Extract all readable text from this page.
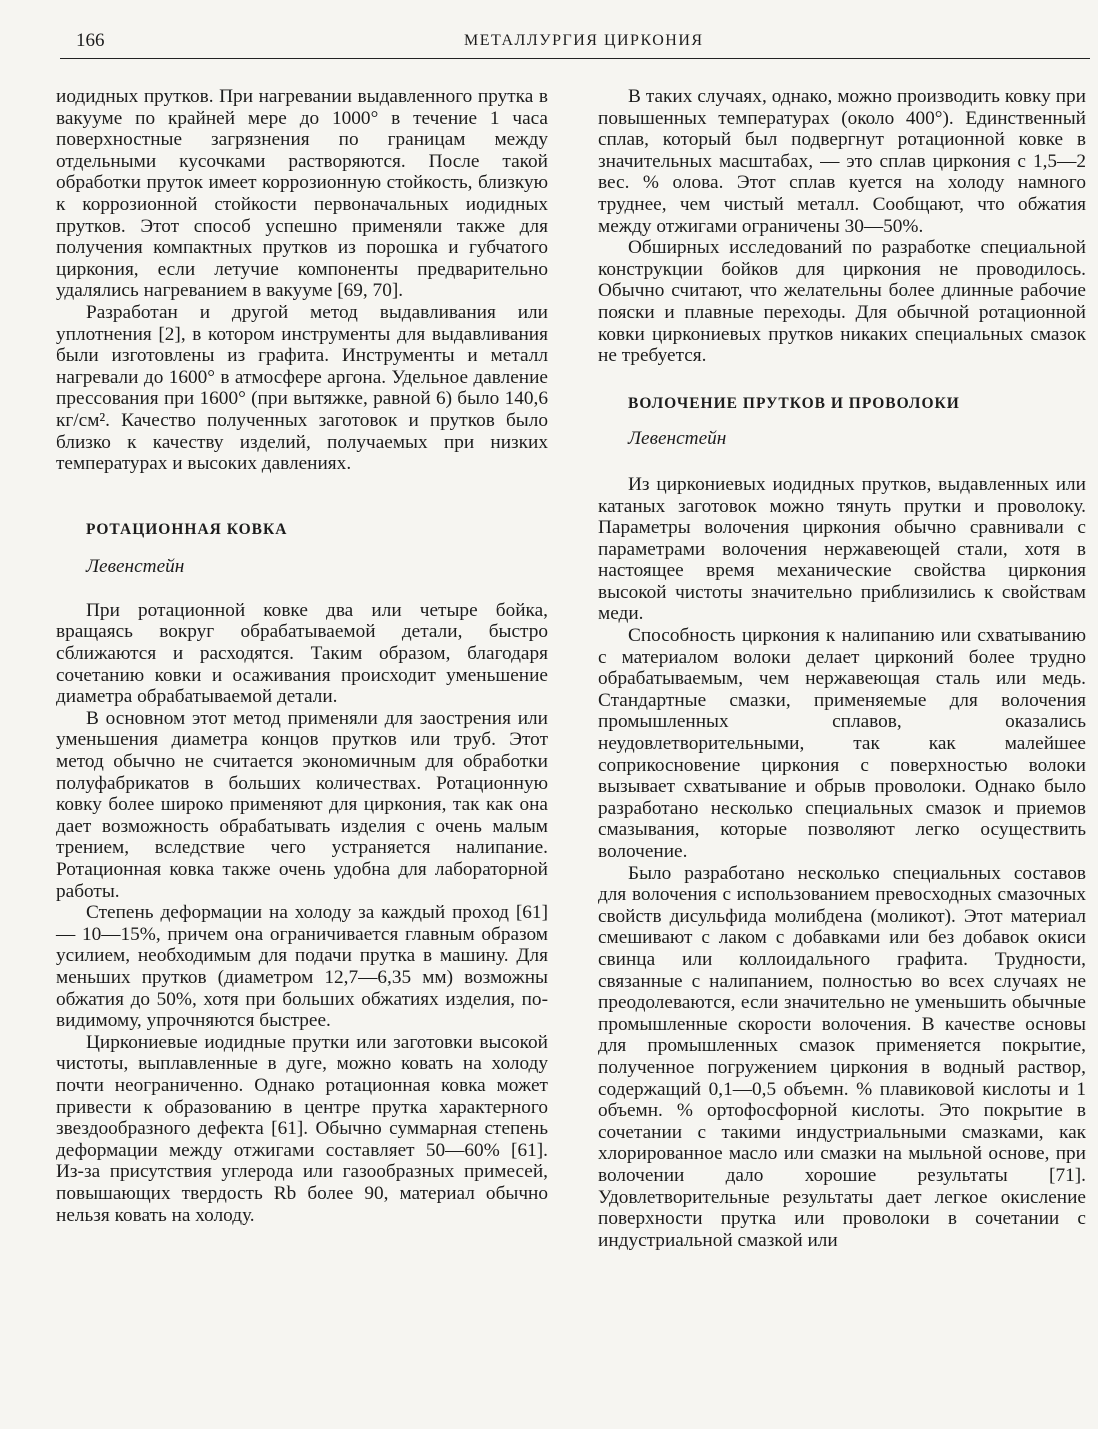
166	МЕТАЛЛУРГИЯ ЦИРКОНИЯ

иодидных прутков. При нагревании выдавленного прутка в вакууме по крайней мере до 1000° в течение 1 часа поверхностные загрязнения по границам между отдельными кусочками растворяются. После такой обработки пруток имеет коррозионную стойкость, близкую к коррозионной стойкости первоначальных иодидных прутков. Этот способ успешно применяли также для получения компактных прутков из порошка и губчатого циркония, если летучие компоненты предварительно удалялись нагреванием в вакууме [69, 70].

Разработан и другой метод выдавливания или уплотнения [2], в котором инструменты для выдавливания были изготовлены из графита. Инструменты и металл нагревали до 1600° в атмосфере аргона. Удельное давление прессования при 1600° (при вытяжке, равной 6) было 140,6 кг/см². Качество полученных заготовок и прутков было близко к качеству изделий, получаемых при низких температурах и высоких давлениях.

РОТАЦИОННАЯ КОВКА

Левенстейн

При ротационной ковке два или четыре бойка, вращаясь вокруг обрабатываемой детали, быстро сближаются и расходятся. Таким образом, благодаря сочетанию ковки и осаживания происходит уменьшение диаметра обрабатываемой детали.

В основном этот метод применяли для заострения или уменьшения диаметра концов прутков или труб. Этот метод обычно не считается экономичным для обработки полуфабрикатов в больших количествах. Ротационную ковку более широко применяют для циркония, так как она дает возможность обрабатывать изделия с очень малым трением, вследствие чего устраняется налипание. Ротационная ковка также очень удобна для лабораторной работы.

Степень деформации на холоду за каждый проход [61] — 10—15%, причем она ограничивается главным образом усилием, необходимым для подачи прутка в машину. Для меньших прутков (диаметром 12,7—6,35 мм) возможны обжатия до 50%, хотя при больших обжатиях изделия, по-видимому, упрочняются быстрее.

Циркониевые иодидные прутки или заготовки высокой чистоты, выплавленные в дуге, можно ковать на холоду почти неограниченно. Однако ротационная ковка может привести к образованию в центре прутка характерного звездообразного дефекта [61]. Обычно суммарная степень деформации между отжигами составляет 50—60% [61]. Из-за присутствия углерода или газообразных примесей, повышающих твердость Rb более 90, материал обычно нельзя ковать на холоду.

В таких случаях, однако, можно производить ковку при повышенных температурах (около 400°). Единственный сплав, который был подвергнут ротационной ковке в значительных масштабах, — это сплав циркония с 1,5—2 вес. % олова. Этот сплав куется на холоду намного труднее, чем чистый металл. Сообщают, что обжатия между отжигами ограничены 30—50%.

Обширных исследований по разработке специальной конструкции бойков для циркония не проводилось. Обычно считают, что желательны более длинные рабочие пояски и плавные переходы. Для обычной ротационной ковки циркониевых прутков никаких специальных смазок не требуется.

ВОЛОЧЕНИЕ ПРУТКОВ И ПРОВОЛОКИ

Левенстейн

Из циркониевых иодидных прутков, выдавленных или катаных заготовок можно тянуть прутки и проволоку. Параметры волочения циркония обычно сравнивали с параметрами волочения нержавеющей стали, хотя в настоящее время механические свойства циркония высокой чистоты значительно приблизились к свойствам меди.

Способность циркония к налипанию или схватыванию с материалом волоки делает цирконий более трудно обрабатываемым, чем нержавеющая сталь или медь. Стандартные смазки, применяемые для волочения промышленных сплавов, оказались неудовлетворительными, так как малейшее соприкосновение циркония с поверхностью волоки вызывает схватывание и обрыв проволоки. Однако было разработано несколько специальных смазок и приемов смазывания, которые позволяют легко осуществить волочение.

Было разработано несколько специальных составов для волочения с использованием превосходных смазочных свойств дисульфида молибдена (моликот). Этот материал смешивают с лаком с добавками или без добавок окиси свинца или коллоидального графита. Трудности, связанные с налипанием, полностью во всех случаях не преодолеваются, если значительно не уменьшить обычные промышленные скорости волочения. В качестве основы для промышленных смазок применяется покрытие, полученное погружением циркония в водный раствор, содержащий 0,1—0,5 объемн. % плавиковой кислоты и 1 объемн. % ортофосфорной кислоты. Это покрытие в сочетании с такими индустриальными смазками, как хлорированное масло или смазки на мыльной основе, при волочении дало хорошие результаты [71]. Удовлетворительные результаты дает легкое окисление поверхности прутка или проволоки в сочетании с индустриальной смазкой или
